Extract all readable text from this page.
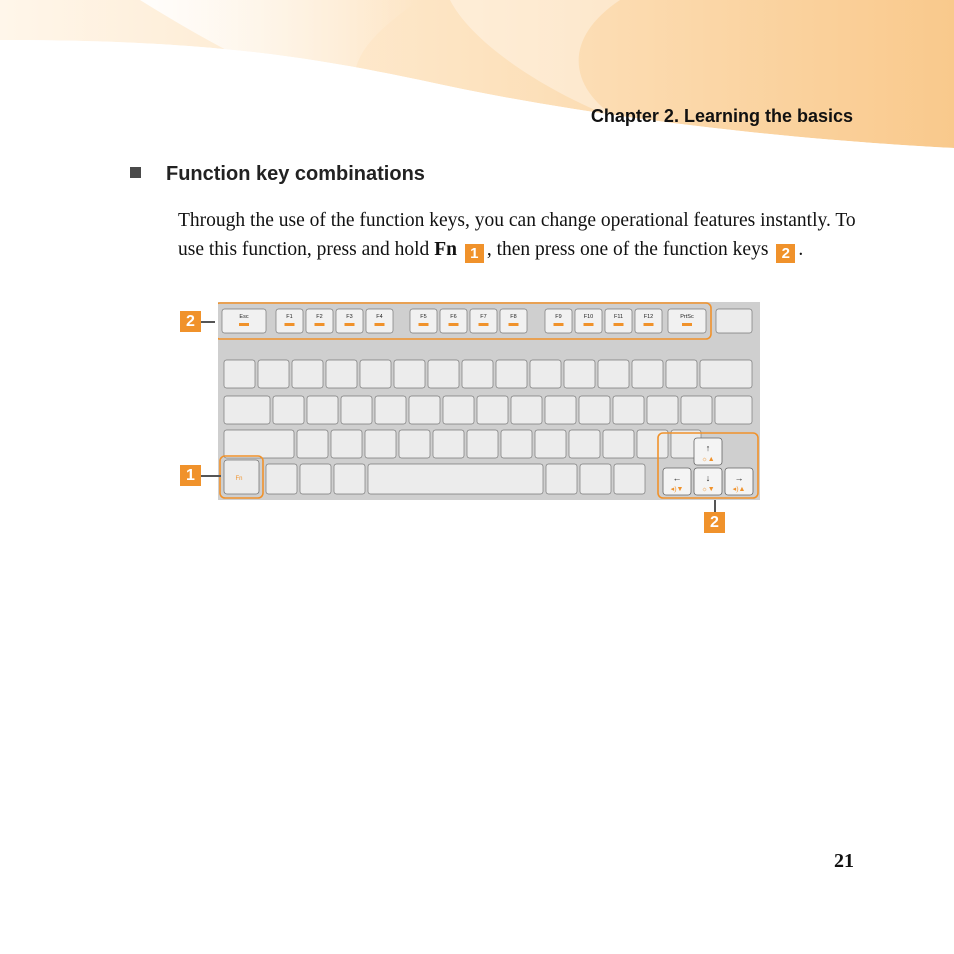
Chapter 2. Learning the basics
Function key combinations
Through the use of the function keys, you can change operational features instantly. To use this function, press and hold Fn 1 , then press one of the function keys 2 .
Esc	F1	F2	F3	F4	F5	F6	F7	F8	F9	F10	F11	F12	PrtSc
Fn
↑
☼▲
←
◂)▼
↓
☼▼
→
◂)▲
2
1
2
21
